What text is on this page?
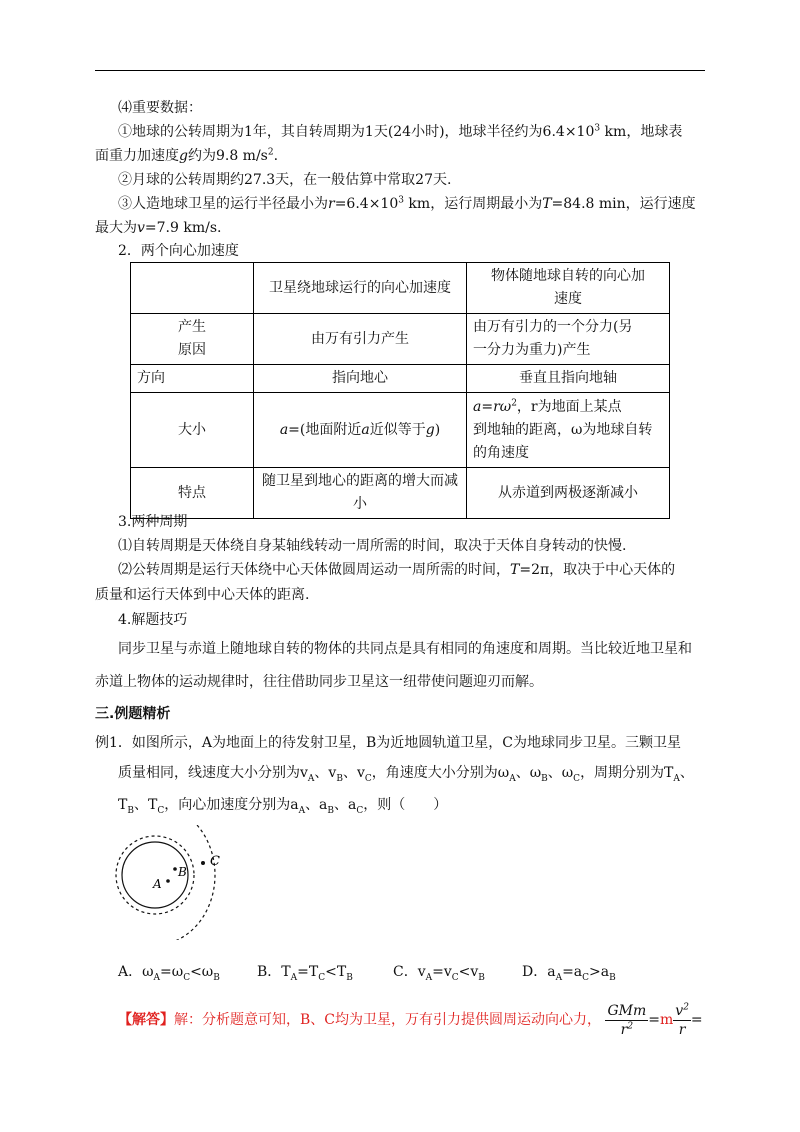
⑷重要数据：
①地球的公转周期为1年，其自转周期为1天(24小时)，地球半径约为$6.4\times 10^3$ km，地球表
面重力加速度g约为9.8 $m/s^2$.
②月球的公转周期约27.3天，在一般估算中常取27天.
③人造地球卫星的运行半径最小为$r=6.4\times 10^3$ km，运行周期最小为T=84.8 min，运行速度
最大为v=7.9 km/s.
2．两个向心加速度
	卫星绕地球运行的向心加速度	物体随地球自转的向心加
速度
产生
原因	由万有引力产生	由万有引力的一个分力(另
一分力为重力)产生
方向	指向地心	垂直且指向地轴
大小	a=(地面附近a近似等于g)	$a=r\omega^2$，r为地面上某点
到地轴的距离，ω为地球自转
的角速度
特点	随卫星到地心的距离的增大而减
小	从赤道到两极逐渐减小
3.两种周期
⑴自转周期是天体绕自身某轴线转动一周所需的时间，取决于天体自身转动的快慢.
⑵公转周期是运行天体绕中心天体做圆周运动一周所需的时间，T=2π，取决于中心天体的
质量和运行天体到中心天体的距离.
4.解题技巧
同步卫星与赤道上随地球自转的物体的共同点是具有相同的角速度和周期。当比较近地卫星和
赤道上物体的运动规律时，往往借助同步卫星这一纽带使问题迎刃而解。
三.例题精析
例1．如图所示，A为地面上的待发射卫星，B为近地圆轨道卫星，C为地球同步卫星。三颗卫星
质量相同，线速度大小分别为$v_A$、$v_B$、$v_C$，角速度大小分别为$\omega_A$、$\omega_B$、$\omega_C$，周期分别为$T_A$、
$T_B$、$T_C$，向心加速度分别为$a_A$、$a_B$、$a_C$，则（　　）
A
B
C
A．$\omega_A=\omega_C<\omega_B$	B．$T_A=T_C<T_B$	C．$v_A=v_C<v_B$	D．$a_A=a_C>a_B$
【解答】解：分析题意可知，B、C均为卫星，万有引力提供圆周运动向心力， $\frac{\text{GMm}}{r^2} =m \frac{v^2}{r}$ =
